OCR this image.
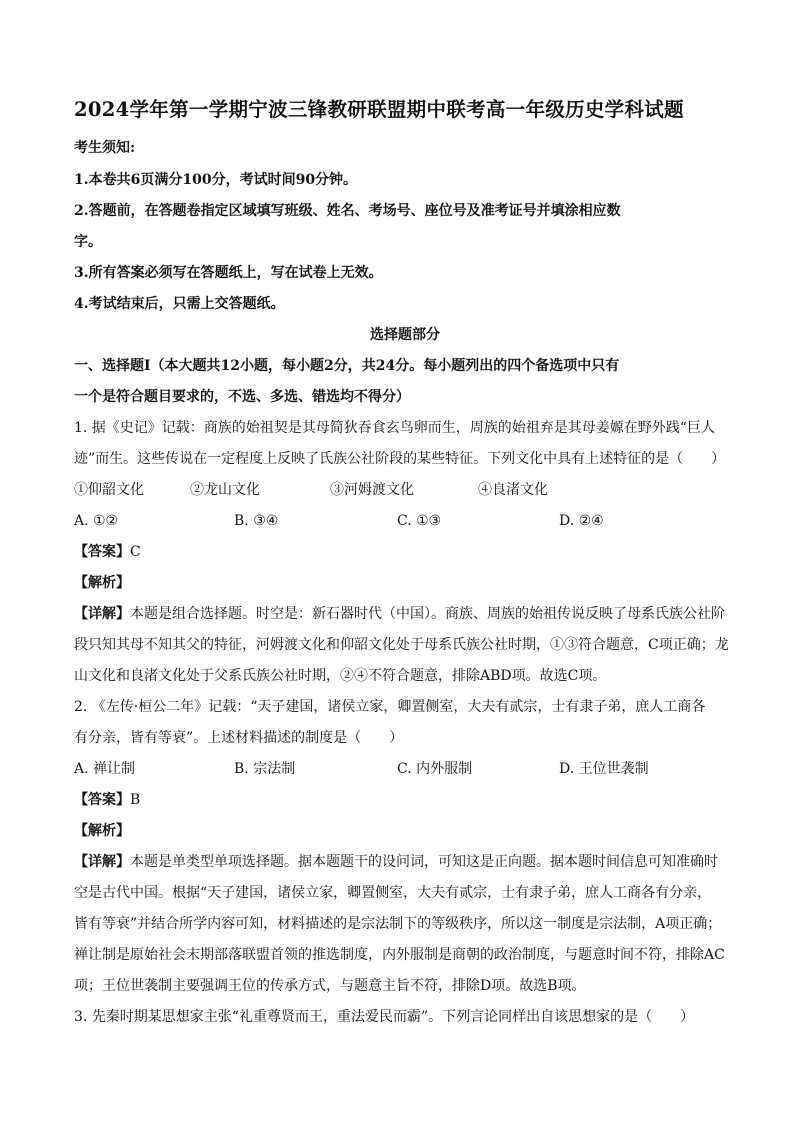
2024学年第一学期宁波三锋教研联盟期中联考高一年级历史学科试题
考生须知:
1.本卷共6页满分100分，考试时间90分钟。
2.答题前，在答题卷指定区域填写班级、姓名、考场号、座位号及准考证号并填涂相应数
字。
3.所有答案必须写在答题纸上，写在试卷上无效。
4.考试结束后，只需上交答题纸。
选择题部分
一、选择题Ⅰ（本大题共12小题，每小题2分，共24分。每小题列出的四个备选项中只有
一个是符合题目要求的，不选、多选、错选均不得分）
1. 据《史记》记载：商族的始祖契是其母简狄吞食玄鸟卵而生，周族的始祖弃是其母姜嫄在野外践“巨人
迹”而生。这些传说在一定程度上反映了氏族公社阶段的某些特征。下列文化中具有上述特征的是（　　）
①仰韶文化	②龙山文化	③河姆渡文化	④良渚文化
A. ①②	B. ③④	C. ①③	D. ②④
【答案】C
【解析】
【详解】本题是组合选择题。时空是：新石器时代（中国）。商族、周族的始祖传说反映了母系氏族公社阶
段只知其母不知其父的特征，河姆渡文化和仰韶文化处于母系氏族公社时期，①③符合题意，C项正确；龙
山文化和良渚文化处于父系氏族公社时期，②④不符合题意，排除ABD项。故选C项。
2. 《左传·桓公二年》记载：“天子建国，诸侯立家，卿置侧室，大夫有贰宗，士有隶子弟，庶人工商各
有分亲，皆有等衰”。上述材料描述的制度是（　　）
A. 禅让制	B. 宗法制	C. 内外服制	D. 王位世袭制
【答案】B
【解析】
【详解】本题是单类型单项选择题。据本题题干的设问词，可知这是正向题。据本题时间信息可知准确时
空是古代中国。根据“天子建国，诸侯立家，卿置侧室，大夫有贰宗，士有隶子弟，庶人工商各有分亲，
皆有等衰”并结合所学内容可知，材料描述的是宗法制下的等级秩序，所以这一制度是宗法制，A项正确；
禅让制是原始社会末期部落联盟首领的推选制度，内外服制是商朝的政治制度，与题意时间不符，排除AC
项；王位世袭制主要强调王位的传承方式，与题意主旨不符，排除D项。故选B项。
3. 先秦时期某思想家主张“礼重尊贤而王，重法爱民而霸”。下列言论同样出自该思想家的是（　　）
